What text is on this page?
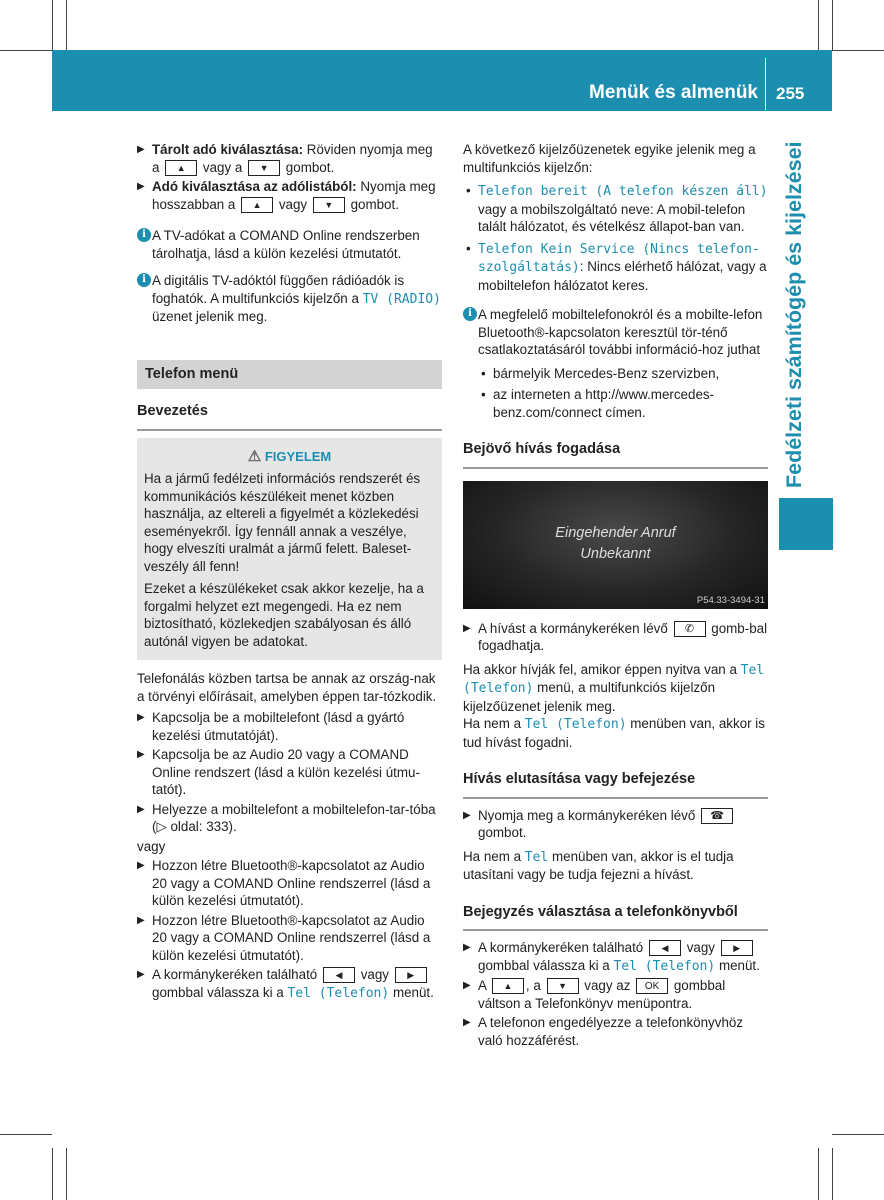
Menük és almenük 255
Fedélzeti számítógép és kijelzései
▶ Tárolt adó kiválasztása: Röviden nyomja meg a ▲ vagy a ▼ gombot.
▶ Adó kiválasztása az adólistából: Nyomja meg hosszabban a ▲ vagy ▼ gombot.
i A TV-adókat a COMAND Online rendszerben tárolhatja, lásd a külön kezelési útmutatót.
i A digitális TV-adóktól függően rádióadók is foghatók. A multifunkciós kijelzőn a TV (RADIO) üzenet jelenik meg.
Telefon menü
Bevezetés
⚠ FIGYELEM

Ha a jármű fedélzeti információs rendszerét és kommunikációs készülékeit menet közben használja, az eltereli a figyelmét a közlekedési eseményekről. Így fennáll annak a veszélye, hogy elveszíti uralmát a jármű felett. Baleset-veszély áll fenn!

Ezeket a készülékeket csak akkor kezelje, ha a forgalmi helyzet ezt megengedi. Ha ez nem biztosítható, közlekedjen szabályosan és álló autónál vigyen be adatokat.

Telefonálás közben tartsa be annak az ország-nak a törvényi előírásait, amelyben éppen tar-tózkodik.

▶ Kapcsolja be a mobiltelefont (lásd a gyártó kezelési útmutatóját).
▶ Kapcsolja be az Audio 20 vagy a COMAND Online rendszert (lásd a külön kezelési útmu-tatót).
▶ Helyezze a mobiltelefont a mobiltelefon-tar-tóba (▷ oldal: 333).

vagy

▶ Hozzon létre Bluetooth®-kapcsolatot az Audio 20 vagy a COMAND Online rendszerrel (lásd a külön kezelési útmutatót).
▶ Hozzon létre Bluetooth®-kapcsolatot az Audio 20 vagy a COMAND Online rendszerrel (lásd a külön kezelési útmutatót).
▶ A kormánykeréken található ◀ vagy ▶ gombbal válassza ki a Tel (Telefon) menüt.

A következő kijelzőüzenetek egyike jelenik meg a multifunkciós kijelzőn:

• Telefon bereit (A telefon készen áll) vagy a mobilszolgáltató neve: A mobil-telefon talált hálózatot, és vételkész állapot-ban van.
• Telefon Kein Service (Nincs telefon-szolgáltatás): Nincs elérhető hálózat, vagy a mobiltelefon hálózatot keres.
i A megfelelő mobiltelefonokról és a mobilte-lefon Bluetooth®-kapcsolaton keresztül tör-ténő csatlakoztatásáról további információ-hoz juthat
• bármelyik Mercedes-Benz szervizben,
• az interneten a http://www.mercedes-benz.com/connect címen.
Bejövő hívás fogadása
Eingehender Anruf
Unbekannt
P54.33-3494-31
▶ A hívást a kormánykeréken lévő ✆ gomb-bal fogadhatja.

Ha akkor hívják fel, amikor éppen nyitva van a Tel (Telefon) menü, a multifunkciós kijelzőn kijelzőüzenet jelenik meg.

Ha nem a Tel (Telefon) menüben van, akkor is tud hívást fogadni.

Hívás elutasítása vagy befejezése
▶ Nyomja meg a kormánykeréken lévő ☎ gombot.

Ha nem a Tel menüben van, akkor is el tudja utasítani vagy be tudja fejezni a hívást.

Bejegyzés választása a telefonkönyvből
▶ A kormánykeréken található ◀ vagy ▶ gombbal válassza ki a Tel (Telefon) menüt.
▶ A ▲ , a ▼ vagy az OK gombbal váltson a Telefonkönyv menüpontra.
▶ A telefonon engedélyezze a telefonkönyvhöz való hozzáférést.
